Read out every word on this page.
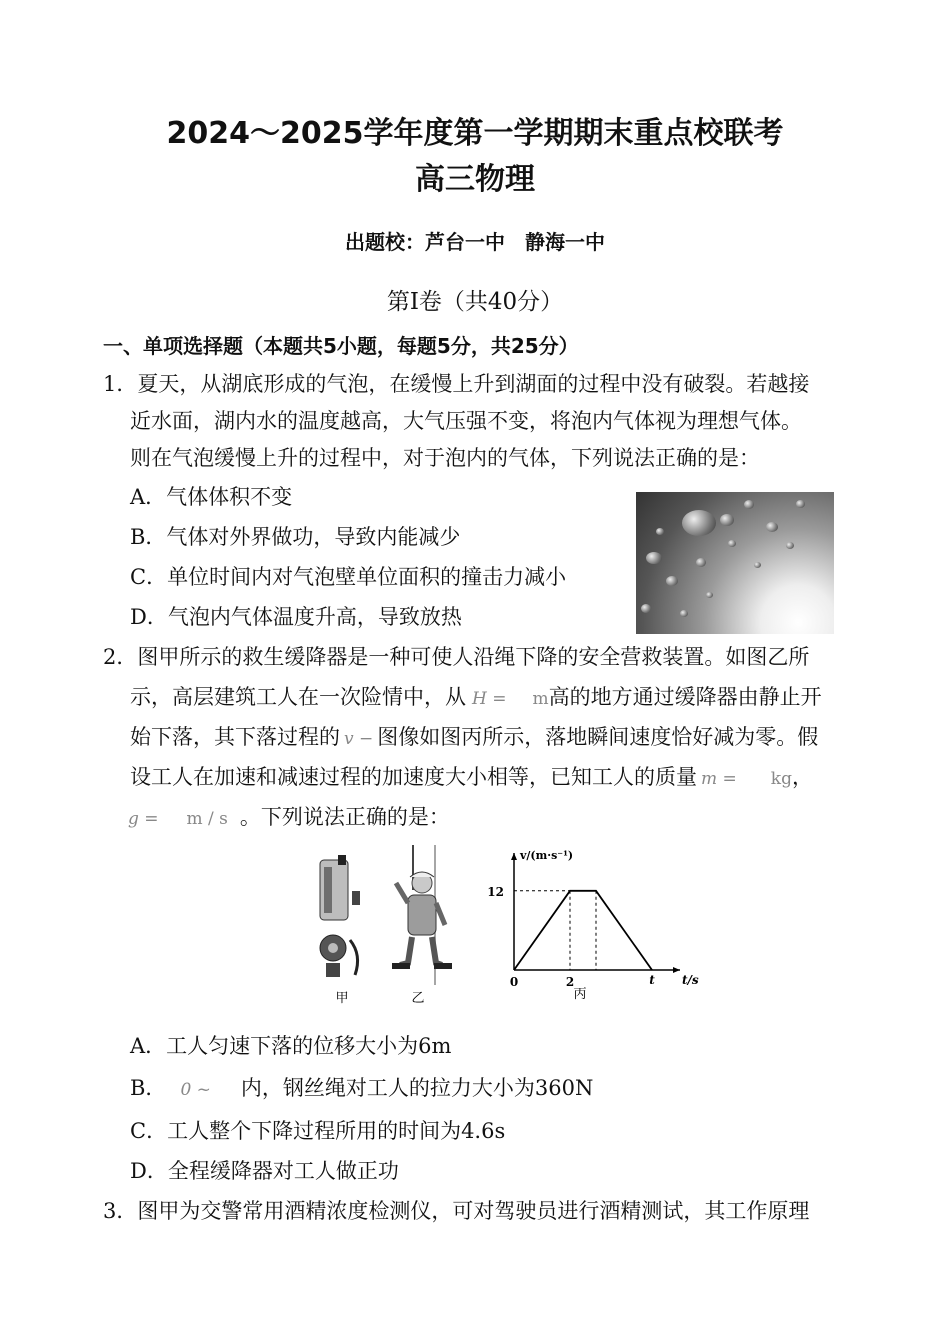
2024～2025学年度第一学期期末重点校联考
高三物理
出题校：芦台一中　静海一中
第Ⅰ卷（共40分）
一、单项选择题（本题共5小题，每题5分，共25分）
1．夏天，从湖底形成的气泡，在缓慢上升到湖面的过程中没有破裂。若越接
近水面，湖内水的温度越高，大气压强不变，将泡内气体视为理想气体。
则在气泡缓慢上升的过程中，对于泡内的气体，下列说法正确的是：
A．气体体积不变
B．气体对外界做功，导致内能减少
C．单位时间内对气泡壁单位面积的撞击力减小
D．气泡内气体温度升高，导致放热
2．图甲所示的救生缓降器是一种可使人沿绳下降的安全营救装置。如图乙所
示，高层建筑工人在一次险情中，从 H = m高的地方通过缓降器由静止开
始下落，其下落过程的 v − 图像如图丙所示，落地瞬间速度恰好减为零。假
设工人在加速和减速过程的加速度大小相等，已知工人的质量 m = kg，
g = m / s 。下列说法正确的是：
12
0	2	t t/s
v/(m·s⁻¹)
甲	乙	丙
A．工人匀速下落的位移大小为6m
B． 0 ~ 内，钢丝绳对工人的拉力大小为360N
C．工人整个下降过程所用的时间为4.6s
D．全程缓降器对工人做正功
3．图甲为交警常用酒精浓度检测仪，可对驾驶员进行酒精测试，其工作原理
